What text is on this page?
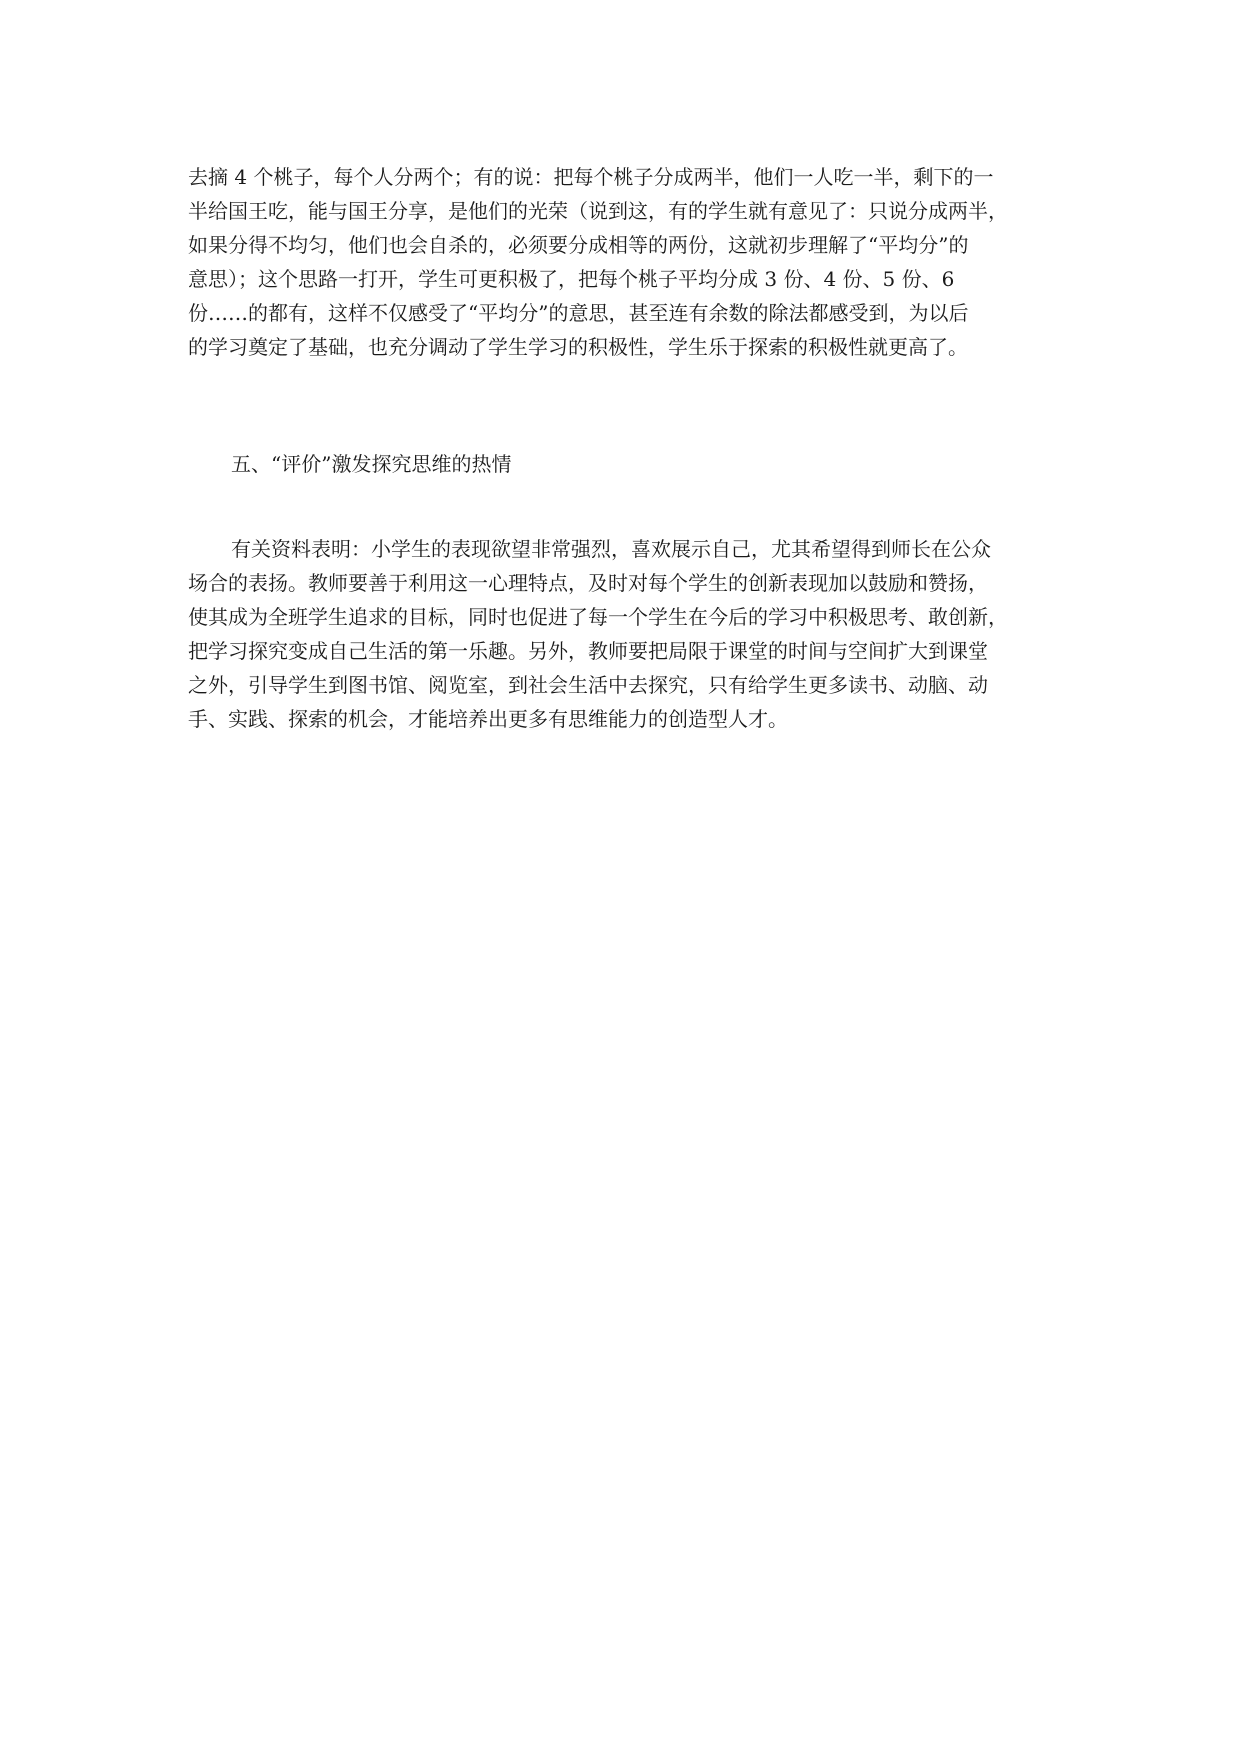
去摘 4 个桃子，每个人分两个；有的说：把每个桃子分成两半，他们一人吃一半，剩下的一
半给国王吃，能与国王分享，是他们的光荣（说到这，有的学生就有意见了：只说分成两半，
如果分得不均匀，他们也会自杀的，必须要分成相等的两份，这就初步理解了“平均分”的
意思）；这个思路一打开，学生可更积极了，把每个桃子平均分成 3 份、4 份、5 份、6
份……的都有，这样不仅感受了“平均分”的意思，甚至连有余数的除法都感受到，为以后
的学习奠定了基础，也充分调动了学生学习的积极性，学生乐于探索的积极性就更高了。
五、“评价”激发探究思维的热情
有关资料表明：小学生的表现欲望非常强烈，喜欢展示自己，尤其希望得到师长在公众
场合的表扬。教师要善于利用这一心理特点，及时对每个学生的创新表现加以鼓励和赞扬，
使其成为全班学生追求的目标，同时也促进了每一个学生在今后的学习中积极思考、敢创新，
把学习探究变成自己生活的第一乐趣。另外，教师要把局限于课堂的时间与空间扩大到课堂
之外，引导学生到图书馆、阅览室，到社会生活中去探究，只有给学生更多读书、动脑、动
手、实践、探索的机会，才能培养出更多有思维能力的创造型人才。
